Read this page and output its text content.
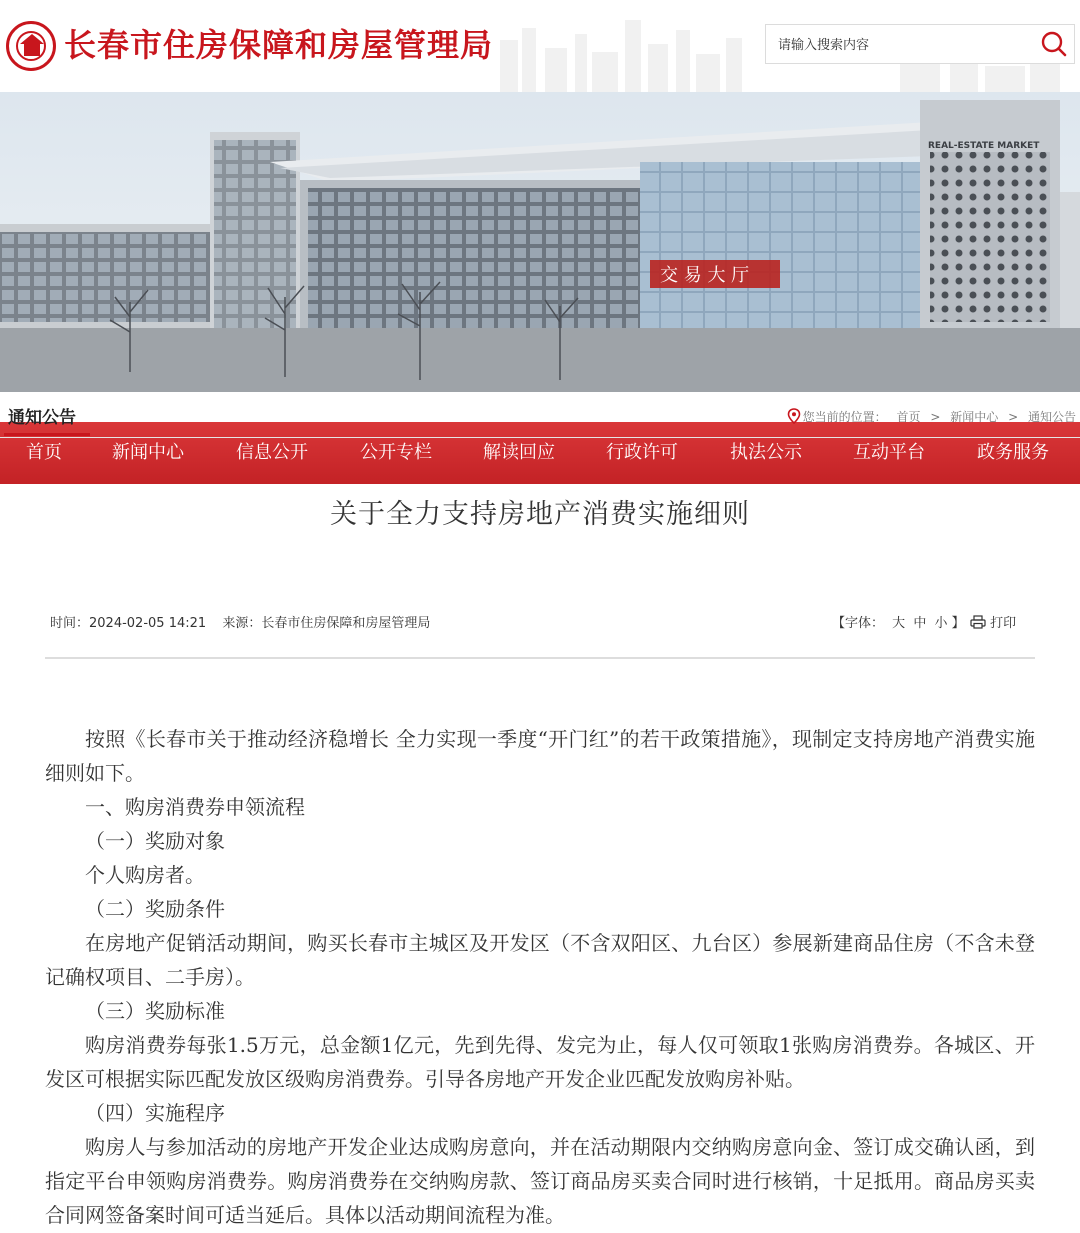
长春市住房保障和房屋管理局
请输入搜索内容
交 易 大 厅
REAL-ESTATE MARKET
首页	新闻中心	信息公开	公开专栏	解读回应	行政许可	执法公示	互动平台	政务服务
通知公告	您当前的位置： 首页 > 新闻中心 > 通知公告
关于全力支持房地产消费实施细则
时间：2024-02-05 14:21 来源：长春市住房保障和房屋管理局	【字体： 大 中 小 】	打印

按照《长春市关于推动经济稳增长 全力实现一季度“开门红”的若干政策措施》，现制定支持房地产消费实施细则如下。

一、购房消费券申领流程

（一）奖励对象

个人购房者。

（二）奖励条件

在房地产促销活动期间，购买长春市主城区及开发区（不含双阳区、九台区）参展新建商品住房（不含未登记确权项目、二手房）。

（三）奖励标准

购房消费券每张1.5万元，总金额1亿元，先到先得、发完为止，每人仅可领取1张购房消费券。各城区、开发区可根据实际匹配发放区级购房消费券。引导各房地产开发企业匹配发放购房补贴。

（四）实施程序

购房人与参加活动的房地产开发企业达成购房意向，并在活动期限内交纳购房意向金、签订成交确认函，到指定平台申领购房消费券。购房消费券在交纳购房款、签订商品房买卖合同时进行核销，十足抵用。商品房买卖合同网签备案时间可适当延后。具体以活动期间流程为准。
